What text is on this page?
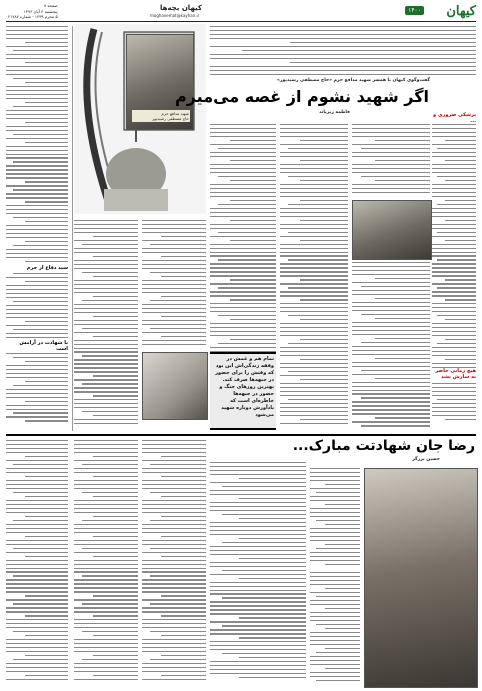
کیهان
۱۴۰۰
کیهان بچه‌ها
moghavemat@kayhan.ir
صفحه ۸
پنجشنبه ۴ آبان ۱۳۹۶
۵ محرم ۱۴۳۹ - شماره ۲۱۷۸۷
سید دفاع از حرم
با شهادت در آرامش است
شهید مدافع حرم
حاج مصطفی رشیدپور
گفت‌وگوی کیهان با همسر شهید مدافع حرم «حاج مصطفی رشیدپور»
اگر شهید نشوم از غصه می‌میرم
فاطمه زیرپاند	پزشکی ضروری و ...
هیچ زمانی حاضر به سازش نشد
تمام هم و غمش در وقفه زندگی‌اش این بود که وقتش را برای حضور در جبهه‌ها صرف کند. بهترین روزهای جنگ و حضور در جبهه‌ها خاطره‌ای است که یادآورش دوباره شهید می‌شود
رضا جان شهادتت مبارک...
حسین برزگر
